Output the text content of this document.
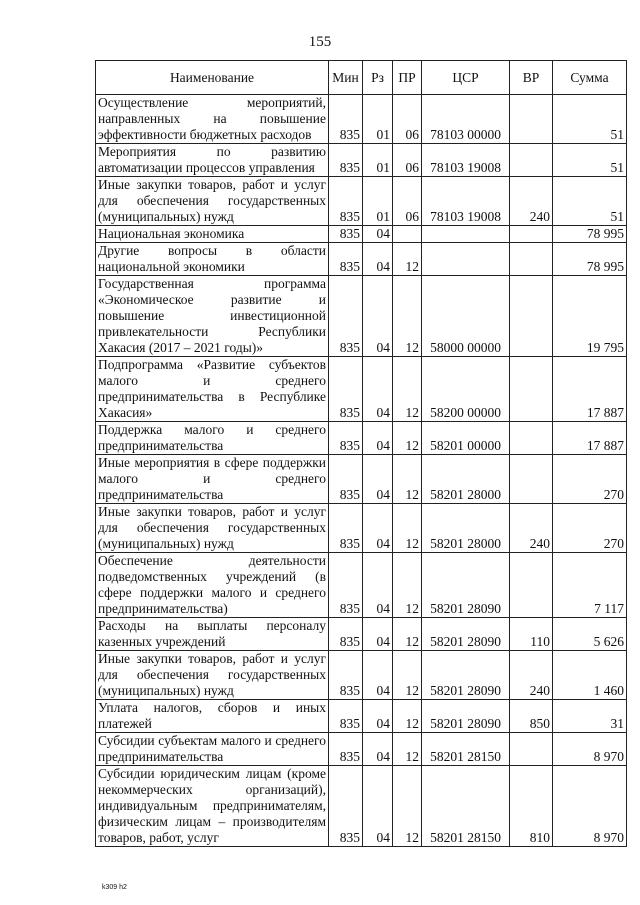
155
Наименование	Мин	Рз	ПР	ЦСР	ВР	Сумма
Осуществление мероприятий, направленных на повышение эффективности бюджетных расходов	835	01	06	78103 00000		51
Мероприятия по развитию автоматизации процессов управления	835	01	06	78103 19008		51
Иные закупки товаров, работ и услуг для обеспечения государственных (муниципальных) нужд	835	01	06	78103 19008	240	51
Национальная экономика	835	04				78 995
Другие вопросы в области национальной экономики	835	04	12			78 995
Государственная программа «Экономическое развитие и повышение инвестиционной привлекательности Республики Хакасия (2017 – 2021 годы)»	835	04	12	58000 00000		19 795
Подпрограмма «Развитие субъектов малого и среднего предпринимательства в Республике Хакасия»	835	04	12	58200 00000		17 887
Поддержка малого и среднего предпринимательства	835	04	12	58201 00000		17 887
Иные мероприятия в сфере поддержки малого и среднего предпринимательства	835	04	12	58201 28000		270
Иные закупки товаров, работ и услуг для обеспечения государственных (муниципальных) нужд	835	04	12	58201 28000	240	270
Обеспечение деятельности подведомственных учреждений (в сфере поддержки малого и среднего предпринимательства)	835	04	12	58201 28090		7 117
Расходы на выплаты персоналу казенных учреждений	835	04	12	58201 28090	110	5 626
Иные закупки товаров, работ и услуг для обеспечения государственных (муниципальных) нужд	835	04	12	58201 28090	240	1 460
Уплата налогов, сборов и иных платежей	835	04	12	58201 28090	850	31
Субсидии субъектам малого и среднего предпринимательства	835	04	12	58201 28150		8 970
Субсидии юридическим лицам (кроме некоммерческих организаций), индивидуальным предпринимателям, физическим лицам – производителям товаров, работ, услуг	835	04	12	58201 28150	810	8 970
k309 h2
